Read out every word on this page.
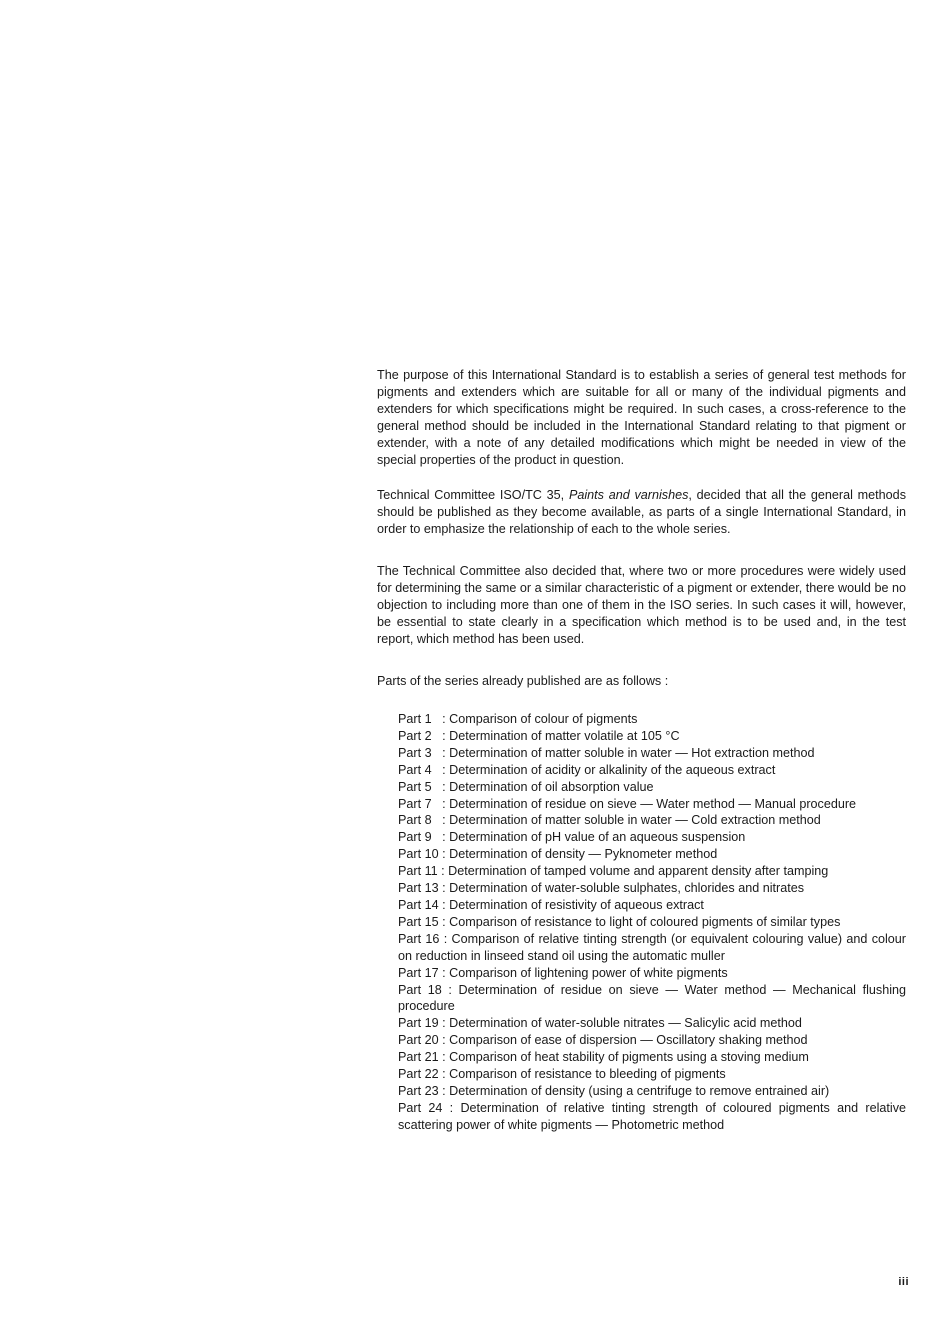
The purpose of this International Standard is to establish a series of general test methods for pigments and extenders which are suitable for all or many of the individual pigments and extenders for which specifications might be required. In such cases, a cross-reference to the general method should be included in the International Standard relating to that pigment or extender, with a note of any detailed modifications which might be needed in view of the special properties of the product in question.

Technical Committee ISO/TC 35, Paints and varnishes, decided that all the general methods should be published as they become available, as parts of a single International Standard, in order to emphasize the relationship of each to the whole series.

The Technical Committee also decided that, where two or more procedures were widely used for determining the same or a similar characteristic of a pigment or extender, there would be no objection to including more than one of them in the ISO series. In such cases it will, however, be essential to state clearly in a specification which method is to be used and, in the test report, which method has been used.

Parts of the series already published are as follows :

Part 1   : Comparison of colour of pigments

Part 2   : Determination of matter volatile at 105 °C

Part 3   : Determination of matter soluble in water — Hot extraction method

Part 4   : Determination of acidity or alkalinity of the aqueous extract

Part 5   : Determination of oil absorption value

Part 7   : Determination of residue on sieve — Water method — Manual procedure

Part 8   : Determination of matter soluble in water — Cold extraction method

Part 9   : Determination of pH value of an aqueous suspension

Part 10 : Determination of density — Pyknometer method

Part 11 : Determination of tamped volume and apparent density after tamping

Part 13 : Determination of water-soluble sulphates, chlorides and nitrates

Part 14 : Determination of resistivity of aqueous extract

Part 15 : Comparison of resistance to light of coloured pigments of similar types

Part 16 : Comparison of relative tinting strength (or equivalent colouring value) and colour on reduction in linseed stand oil using the automatic muller

Part 17 : Comparison of lightening power of white pigments

Part 18 : Determination of residue on sieve — Water method — Mechanical flushing procedure

Part 19 : Determination of water-soluble nitrates — Salicylic acid method

Part 20 : Comparison of ease of dispersion — Oscillatory shaking method

Part 21 : Comparison of heat stability of pigments using a stoving medium

Part 22 : Comparison of resistance to bleeding of pigments

Part 23 : Determination of density (using a centrifuge to remove entrained air)

Part 24 : Determination of relative tinting strength of coloured pigments and relative scattering power of white pigments — Photometric method

iii
